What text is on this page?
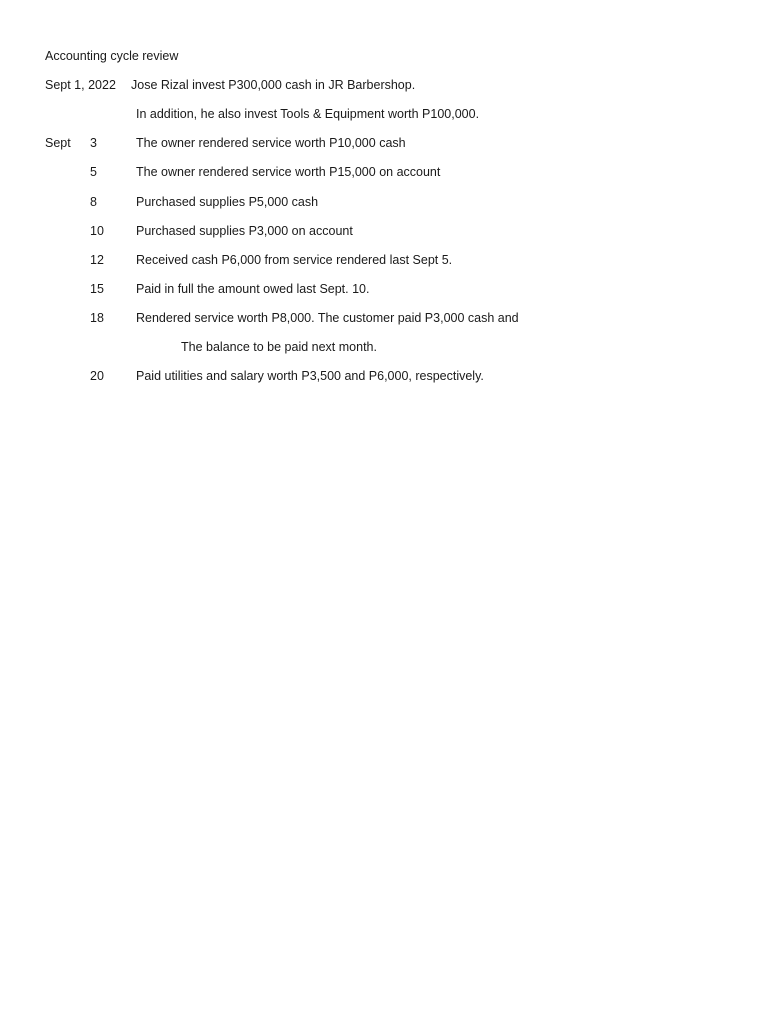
Accounting cycle review
Sept 1, 2022 Jose Rizal invest P300,000 cash in JR Barbershop.
In addition, he also invest Tools & Equipment worth P100,000.
Sept 3	The owner rendered service worth P10,000 cash
5	The owner rendered service worth P15,000 on account
8	Purchased supplies P5,000 cash
10	Purchased supplies P3,000 on account
12	Received cash P6,000 from service rendered last Sept 5.
15	Paid in full the amount owed last Sept. 10.
18	Rendered service worth P8,000. The customer paid P3,000 cash and
The balance to be paid next month.
20	Paid utilities and salary worth P3,500 and P6,000, respectively.
